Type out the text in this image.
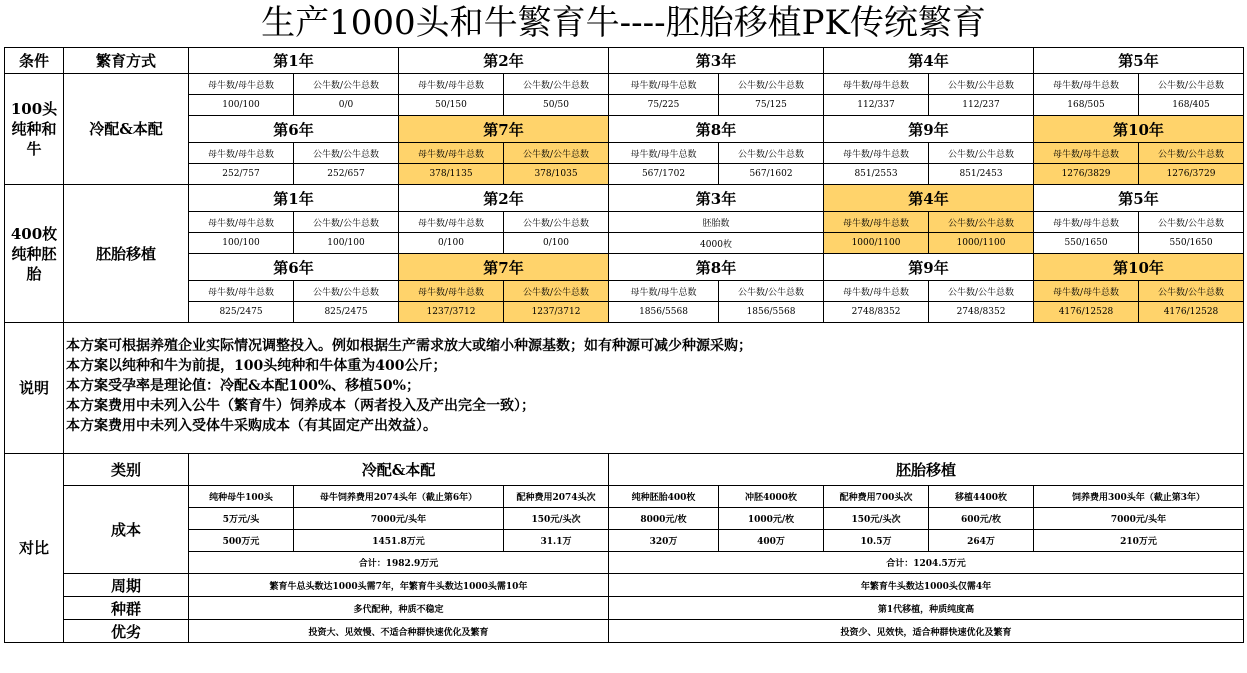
生产1000头和牛繁育牛----胚胎移植PK传统繁育
条件	繁育方式	第1年		第2年		第3年		第4年		第5年	
100头纯种和牛	冷配&本配	母牛数/母牛总数	公牛数/公牛总数	母牛数/母牛总数	公牛数/公牛总数	母牛数/母牛总数	公牛数/公牛总数	母牛数/母牛总数	公牛数/公牛总数	母牛数/母牛总数	公牛数/公牛总数
		100/100	0/0	50/150	50/50	75/225	75/125	112/337	112/237	168/505	168/405
		第6年		第7年		第8年		第9年		第10年	
		母牛数/母牛总数	公牛数/公牛总数	母牛数/母牛总数	公牛数/公牛总数	母牛数/母牛总数	公牛数/公牛总数	母牛数/母牛总数	公牛数/公牛总数	母牛数/母牛总数	公牛数/公牛总数
		252/757	252/657	378/1135	378/1035	567/1702	567/1602	851/2553	851/2453	1276/3829	1276/3729
400枚纯种胚胎	胚胎移植	第1年		第2年		第3年		第4年		第5年	
		母牛数/母牛总数	公牛数/公牛总数	母牛数/母牛总数	公牛数/公牛总数	胚胎数		母牛数/母牛总数	公牛数/公牛总数	母牛数/母牛总数	公牛数/公牛总数
		100/100	100/100	0/100	0/100	4000枚		1000/1100	1000/1100	550/1650	550/1650
		第6年		第7年		第8年		第9年		第10年	
		母牛数/母牛总数	公牛数/公牛总数	母牛数/母牛总数	公牛数/公牛总数	母牛数/母牛总数	公牛数/公牛总数	母牛数/母牛总数	公牛数/公牛总数	母牛数/母牛总数	公牛数/公牛总数
		825/2475	825/2475	1237/3712	1237/3712	1856/5568	1856/5568	2748/8352	2748/8352	4176/12528	4176/12528
说明	本方案可根据养殖企业实际情况调整投入。例如根据生产需求放大或缩小种源基数；如有种源可减少种源采购；
本方案以纯种和牛为前提，100头纯种和牛体重为400公斤；
本方案受孕率是理论值：冷配&本配100%、移植50%；
本方案费用中未列入公牛（繁育牛）饲养成本（两者投入及产出完全一致）；
本方案费用中未列入受体牛采购成本（有其固定产出效益）。										

对比	类别	冷配&本配				胚胎移植					
	成本	纯种母牛100头	母牛饲养费用2074头年（截止第6年）		配种费用2074头次	纯种胚胎400枚	冲胚4000枚	配种费用700头次	移植4400枚	饲养费用300头年（截止第3年）	
		5万元/头	7000元/头年		150元/头次	8000元/枚	1000元/枚	150元/头次	600元/枚	7000元/头年	
		500万元	1451.8万元		31.1万	320万	400万	10.5万	264万	210万元	
		合计：1982.9万元				合计：1204.5万元					
	周期	繁育牛总头数达1000头需7年，年繁育牛头数达1000头需10年				年繁育牛头数达1000头仅需4年					
	种群	多代配种，种质不稳定				第1代移植，种质纯度高					
	优劣	投资大、见效慢、不适合种群快速优化及繁育				投资少、见效快，适合种群快速优化及繁育					
